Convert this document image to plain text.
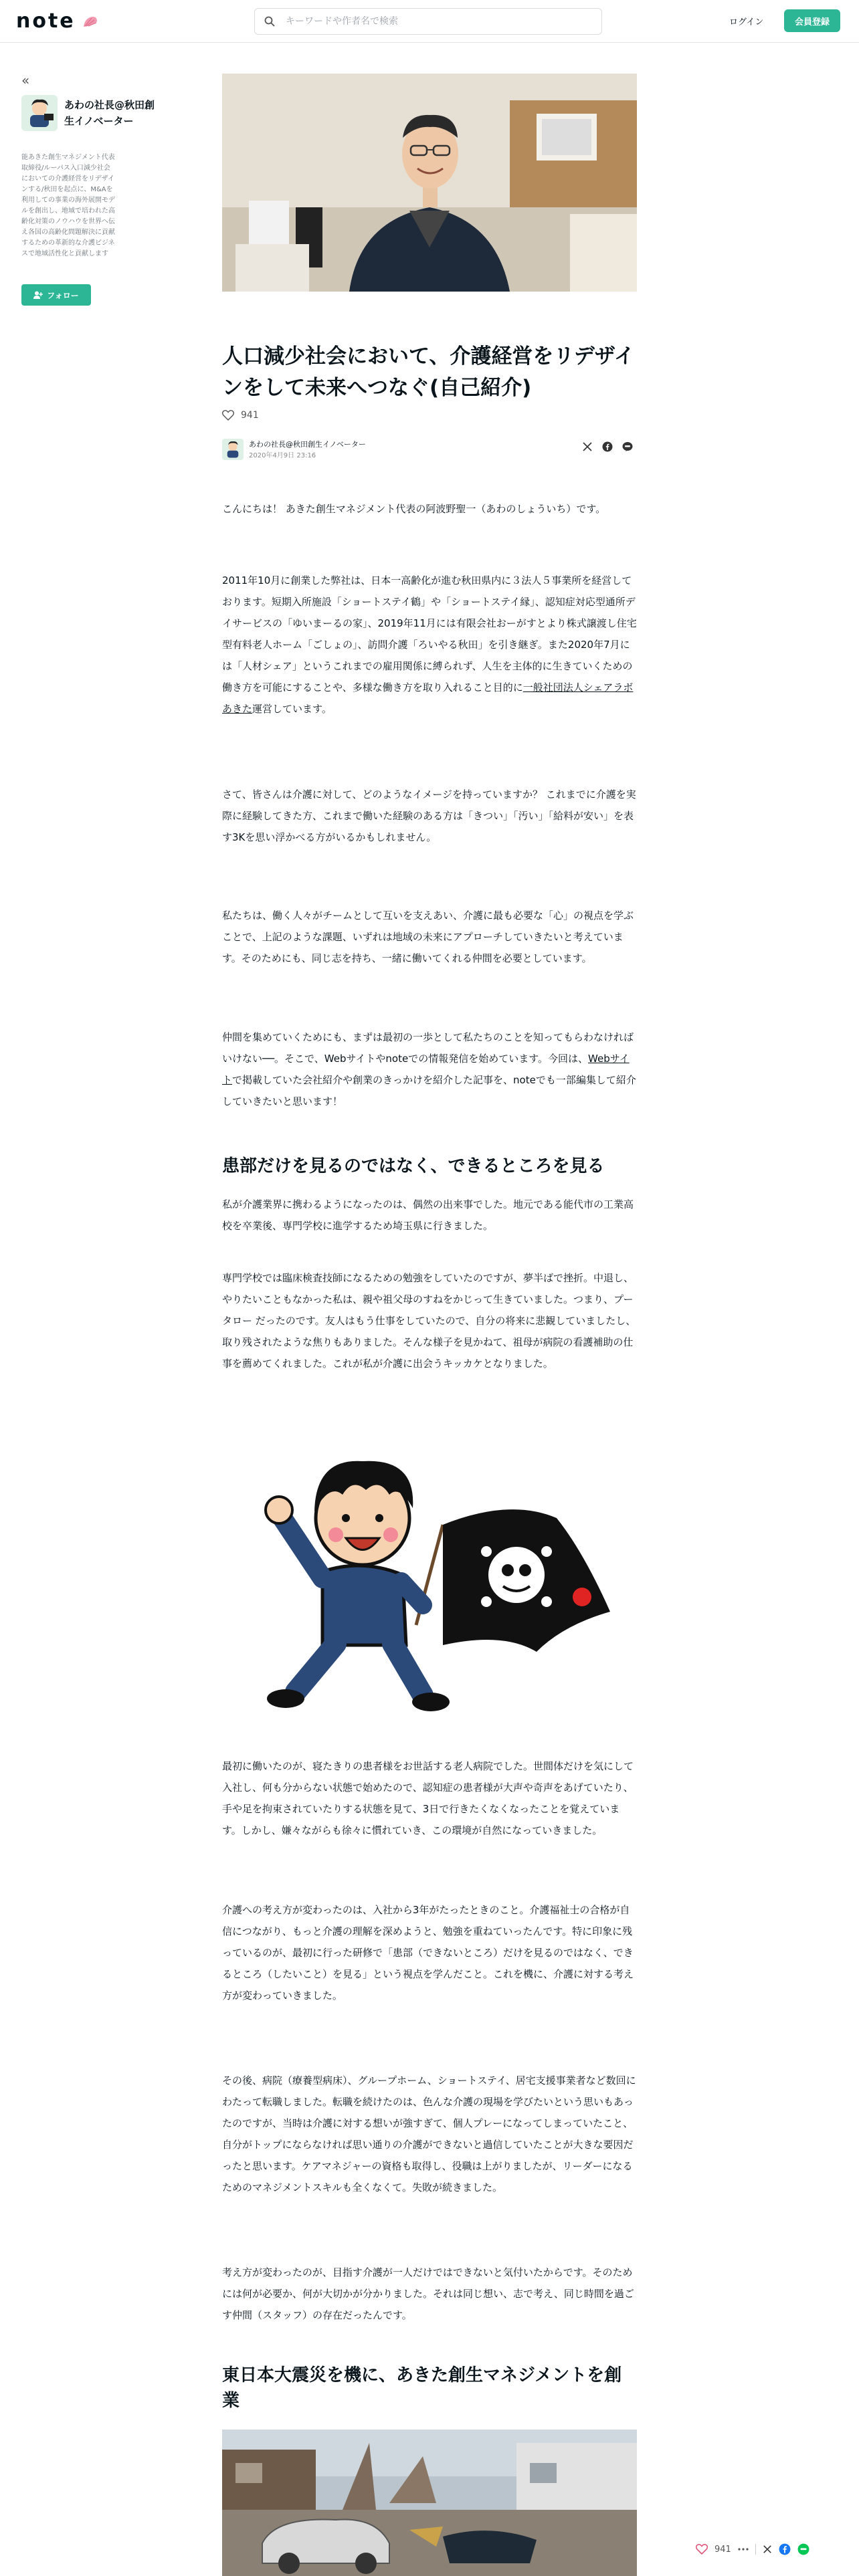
note
キーワードや作者名で検索	ログイン	会員登録
«
あわの社長@秋田創生イノベーター
能あきた創生マネジメント代表取締役/ルーパス入口減少社会においての介護経営をリデザインする/秋田を起点に、M&Aを利用しての事業の海外展開モデルを創出し、地域で培われた高齢化対策のノウハウを世界へ伝え各国の高齢化問題解決に貢献するための革新的な介護ビジネスで地域活性化と貢献します
フォロー
人口減少社会において、介護経営をリデザインをして未来へつなぐ(自己紹介)
941
あわの社長@秋田創生イノベーター
2020年4月9日 23:16

こんにちは！ あきた創生マネジメント代表の阿波野聖一（あわのしょういち）です。

2011年10月に創業した弊社は、日本一高齢化が進む秋田県内に３法人５事業所を経営しております。短期入所施設「ショートステイ鶴」や「ショートステイ縁」、認知症対応型通所デイサービスの「ゆいまーるの家」、2019年11月には有限会社おーがすとより株式譲渡し住宅型有料老人ホーム「ごしょの」、訪問介護「ろいやる秋田」を引き継ぎ。また2020年7月には「人材シェア」というこれまでの雇用関係に縛られず、人生を主体的に生きていくための働き方を可能にすることや、多様な働き方を取り入れること目的に一般社団法人シェアラボあきた運営しています。

さて、皆さんは介護に対して、どのようなイメージを持っていますか？ これまでに介護を実際に経験してきた方、これまで働いた経験のある方は「きつい」「汚い」「給料が安い」を表す3Kを思い浮かべる方がいるかもしれません。

私たちは、働く人々がチームとして互いを支えあい、介護に最も必要な「心」の視点を学ぶことで、上記のような課題、いずれは地域の未来にアプローチしていきたいと考えています。そのためにも、同じ志を持ち、一緒に働いてくれる仲間を必要としています。

仲間を集めていくためにも、まずは最初の一歩として私たちのことを知ってもらわなければいけない──。そこで、Webサイトやnoteでの情報発信を始めています。今回は、Webサイトで掲載していた会社紹介や創業のきっかけを紹介した記事を、noteでも一部編集して紹介していきたいと思います！

患部だけを見るのではなく、できるところを見る

私が介護業界に携わるようになったのは、偶然の出来事でした。地元である能代市の工業高校を卒業後、専門学校に進学するため埼玉県に行きました。

専門学校では臨床検査技師になるための勉強をしていたのですが、夢半ばで挫折。中退し、やりたいこともなかった私は、親や祖父母のすねをかじって生きていました。つまり、プータロー だったのです。友人はもう仕事をしていたので、自分の将来に悲観していましたし、取り残されたような焦りもありました。そんな様子を見かねて、祖母が病院の看護補助の仕事を薦めてくれました。これが私が介護に出会うキッカケとなりました。

最初に働いたのが、寝たきりの患者様をお世話する老人病院でした。世間体だけを気にして入社し、何も分からない状態で始めたので、認知症の患者様が大声や奇声をあげていたり、手や足を拘束されていたりする状態を見て、3日で行きたくなくなったことを覚えています。しかし、嫌々ながらも徐々に慣れていき、この環境が自然になっていきました。

介護への考え方が変わったのは、入社から3年がたったときのこと。介護福祉士の合格が自信につながり、もっと介護の理解を深めようと、勉強を重ねていったんです。特に印象に残っているのが、最初に行った研修で「患部（できないところ）だけを見るのではなく、できるところ（したいこと）を見る」という視点を学んだこと。これを機に、介護に対する考え方が変わっていきました。

その後、病院（療養型病床）、グループホーム、ショートステイ、居宅支援事業者など数回にわたって転職しました。転職を続けたのは、色んな介護の現場を学びたいという思いもあったのですが、当時は介護に対する想いが強すぎて、個人プレーになってしまっていたこと、自分がトップにならなければ思い通りの介護ができないと過信していたことが大きな要因だったと思います。ケアマネジャーの資格も取得し、役職は上がりましたが、リーダーになるためのマネジメントスキルも全くなくて。失敗が続きました。

考え方が変わったのが、目指す介護が一人だけではできないと気付いたからです。そのためには何が必要か、何が大切かが分かりました。それは同じ想い、志で考え、同じ時間を過ごす仲間（スタッフ）の存在だったんです。

東日本大震災を機に、あきた創生マネジメントを創業
941
